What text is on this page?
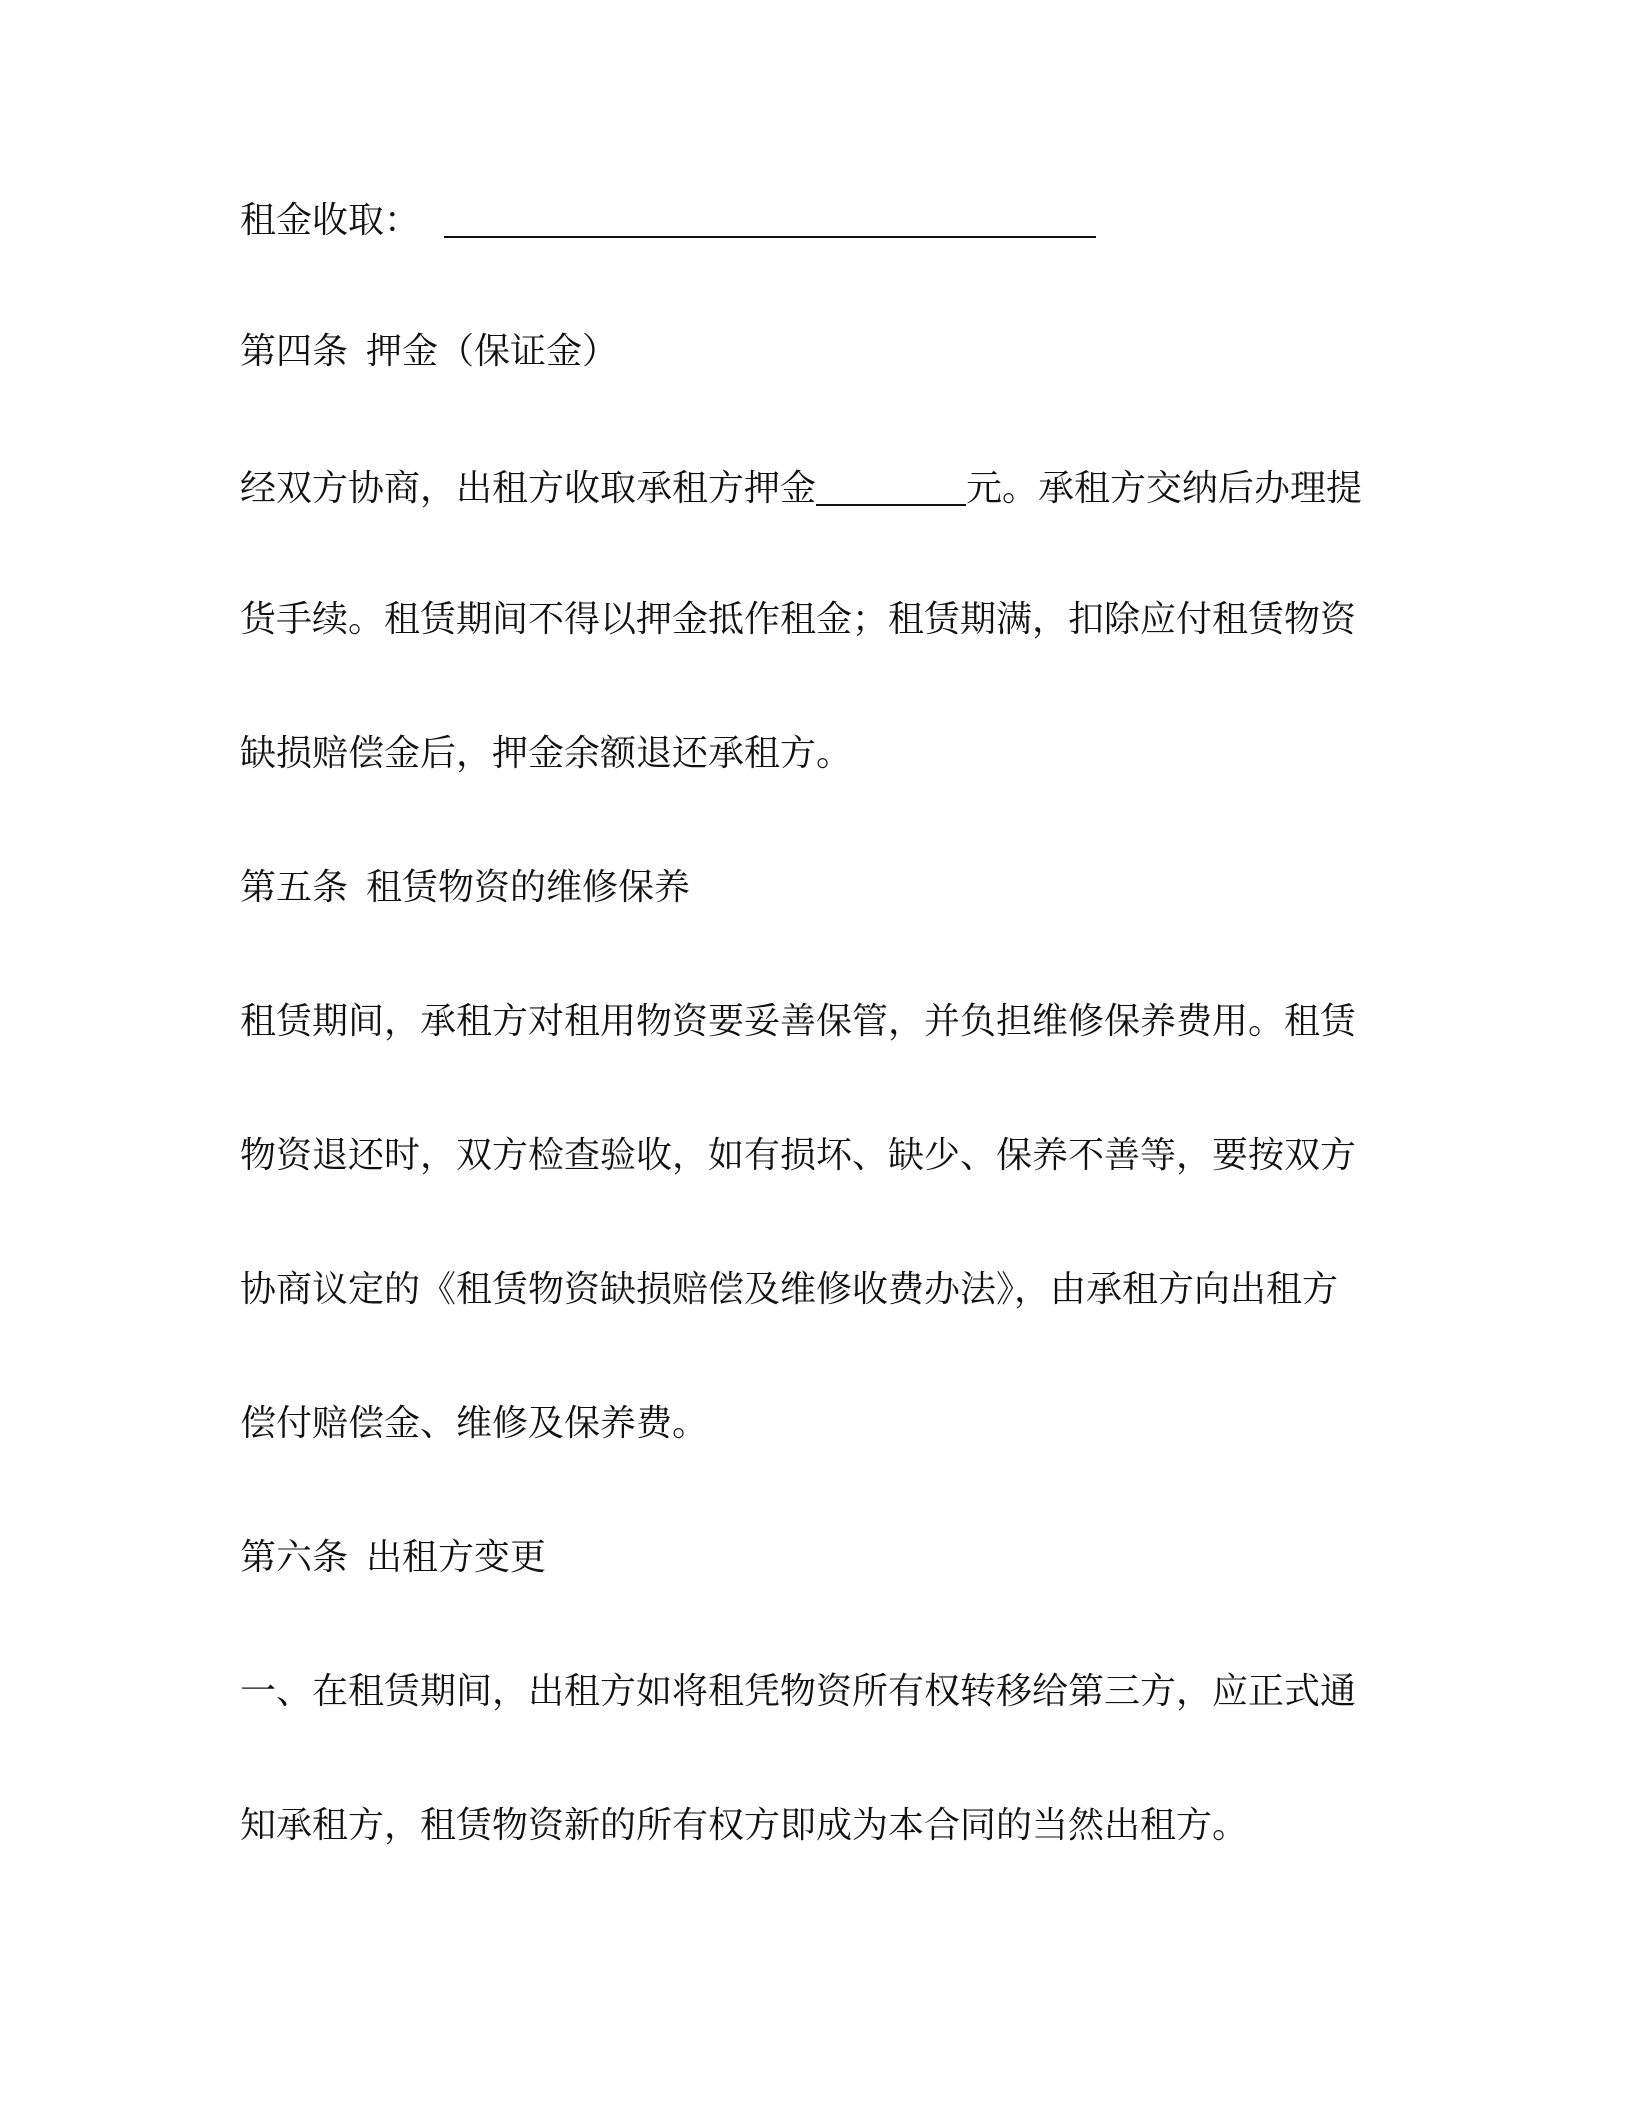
租金收取：
第四条 押金（保证金）
经双方协商，出租方收取承租方押金	元。承租方交纳后办理提
货手续。租赁期间不得以押金抵作租金；租赁期满，扣除应付租赁物资
缺损赔偿金后，押金余额退还承租方。
第五条 租赁物资的维修保养
租赁期间，承租方对租用物资要妥善保管，并负担维修保养费用。租赁
物资退还时，双方检查验收，如有损坏、缺少、保养不善等，要按双方
协商议定的《租赁物资缺损赔偿及维修收费办法》，由承租方向出租方
偿付赔偿金、维修及保养费。
第六条 出租方变更
一、在租赁期间，出租方如将租凭物资所有权转移给第三方，应正式通
知承租方，租赁物资新的所有权方即成为本合同的当然出租方。
